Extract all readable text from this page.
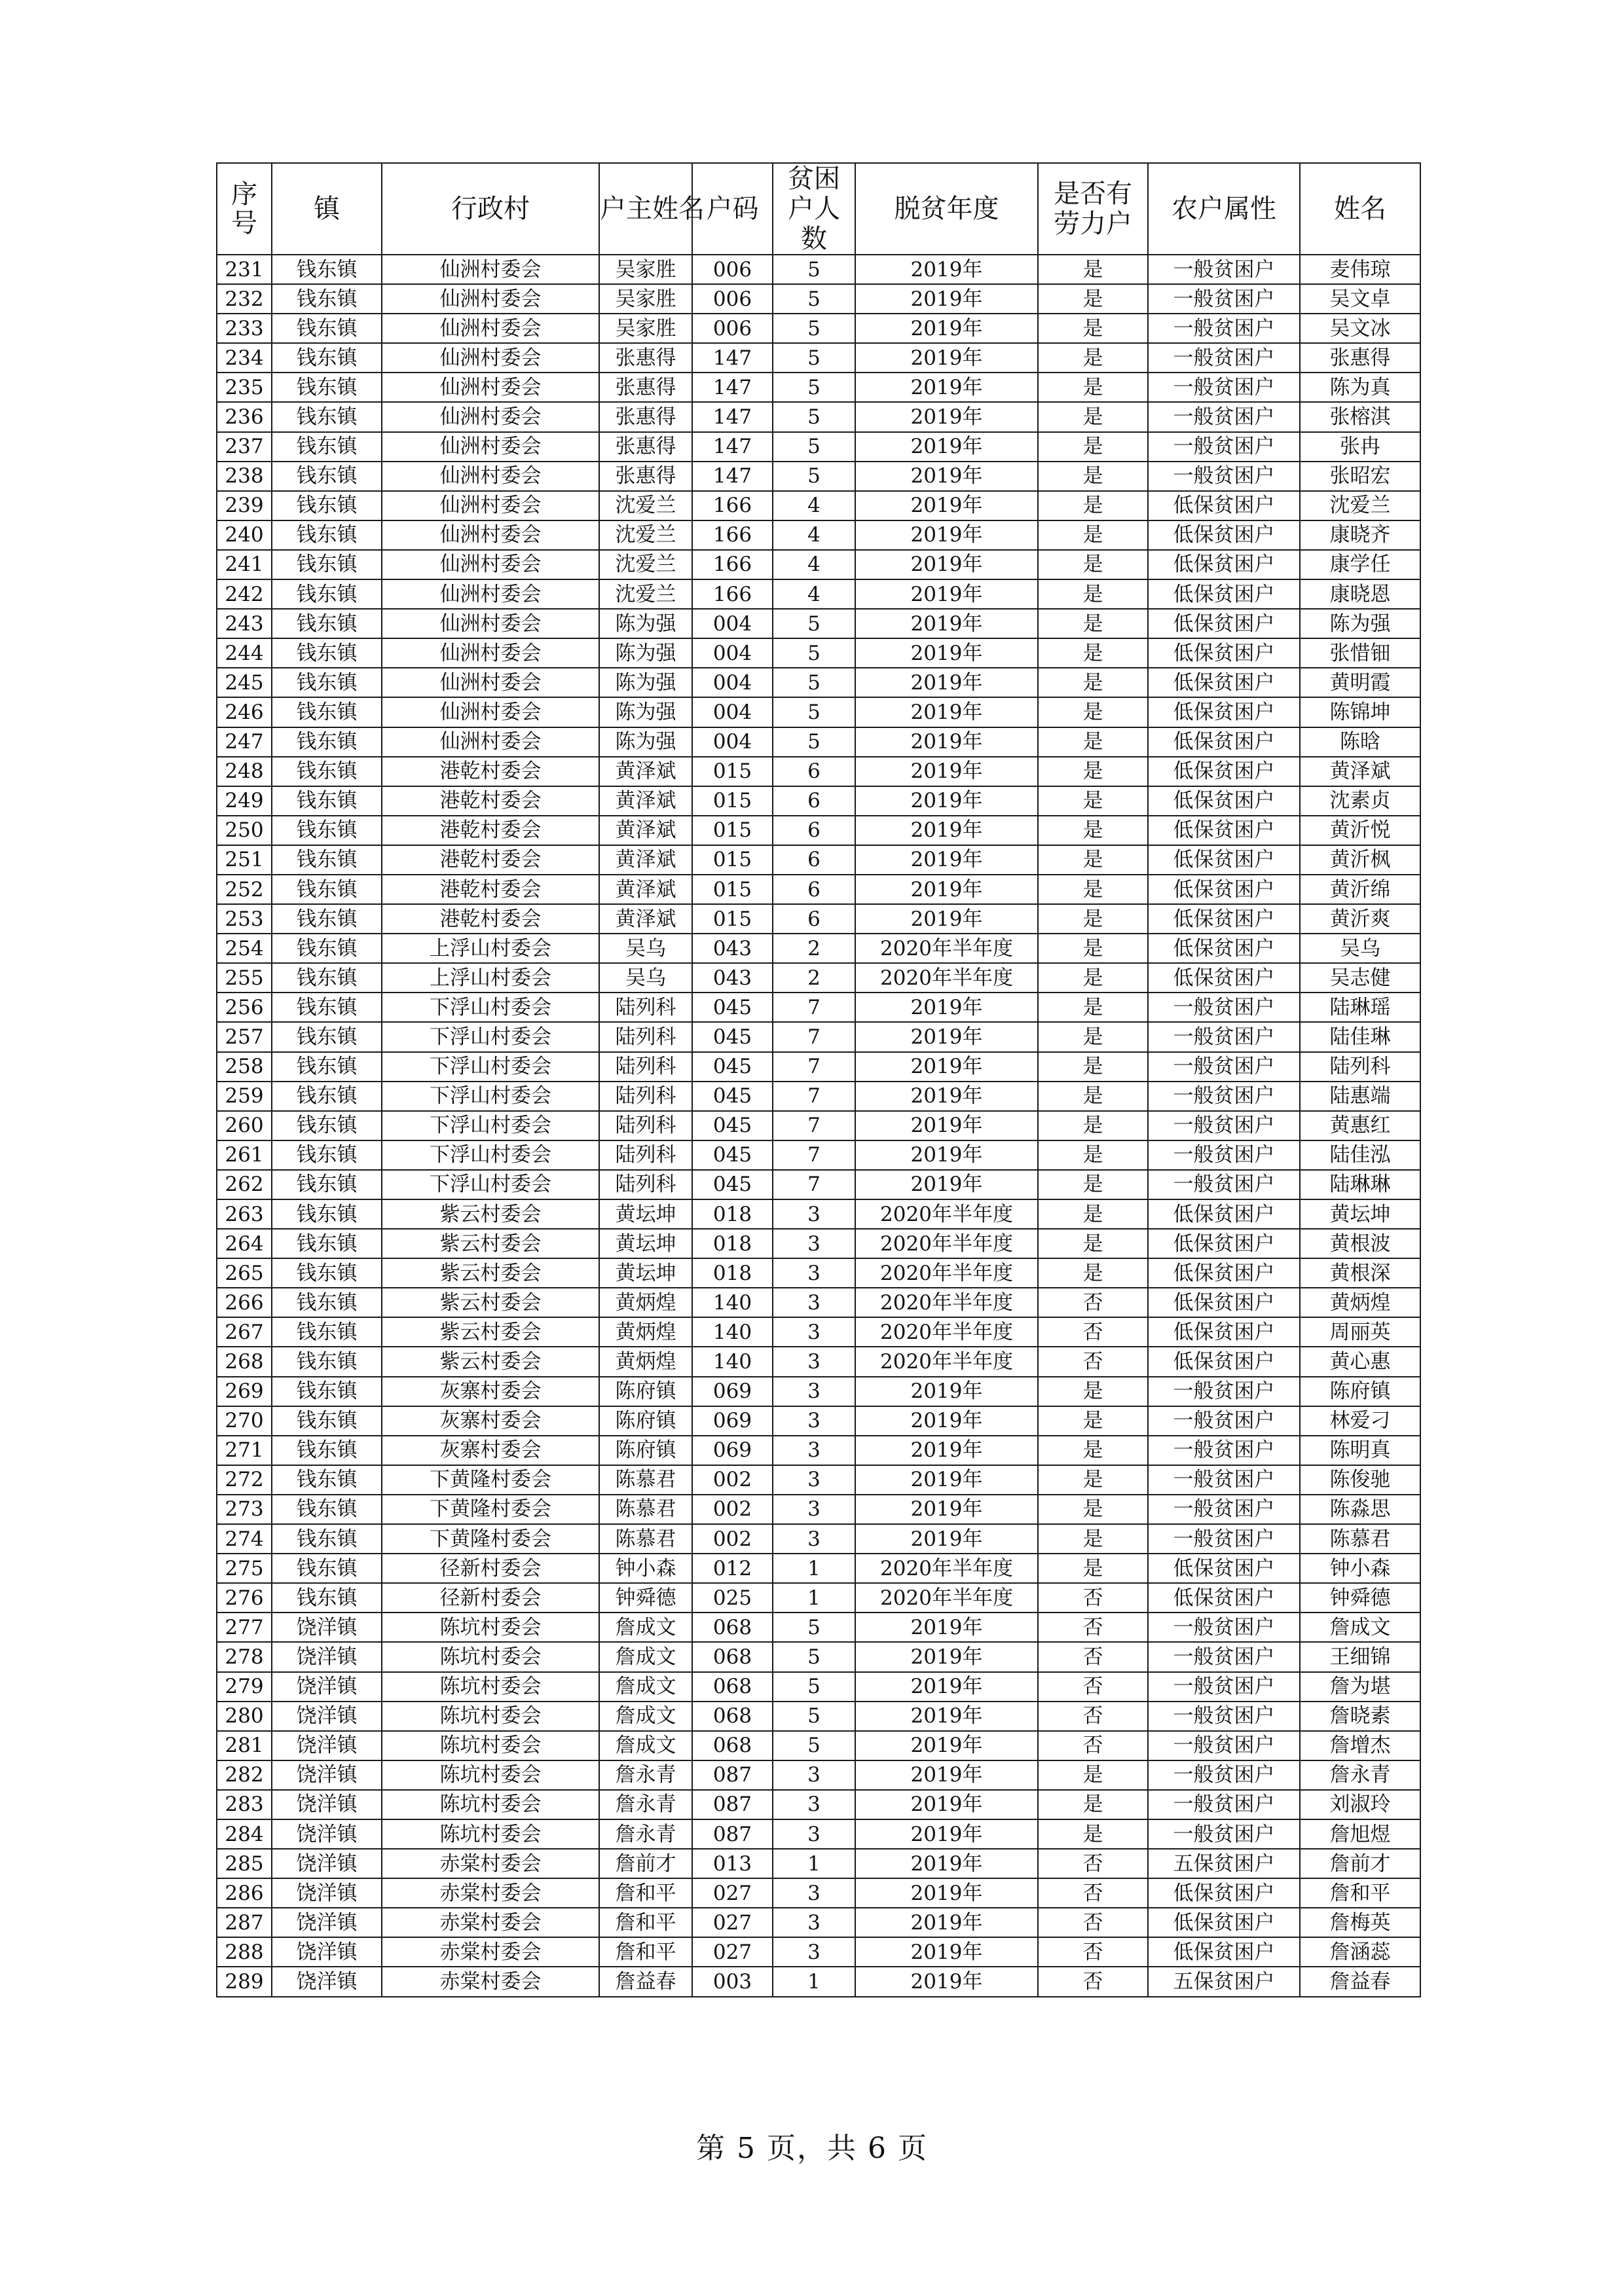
序号	镇	行政村	户主姓名	户码	贫困户人数	脱贫年度	是否有劳力户	农户属性	姓名
231	钱东镇	仙洲村委会	吴家胜	006	5	2019年	是	一般贫困户	麦伟琼
232	钱东镇	仙洲村委会	吴家胜	006	5	2019年	是	一般贫困户	吴文卓
233	钱东镇	仙洲村委会	吴家胜	006	5	2019年	是	一般贫困户	吴文冰
234	钱东镇	仙洲村委会	张惠得	147	5	2019年	是	一般贫困户	张惠得
235	钱东镇	仙洲村委会	张惠得	147	5	2019年	是	一般贫困户	陈为真
236	钱东镇	仙洲村委会	张惠得	147	5	2019年	是	一般贫困户	张榕淇
237	钱东镇	仙洲村委会	张惠得	147	5	2019年	是	一般贫困户	张冉
238	钱东镇	仙洲村委会	张惠得	147	5	2019年	是	一般贫困户	张昭宏
239	钱东镇	仙洲村委会	沈爱兰	166	4	2019年	是	低保贫困户	沈爱兰
240	钱东镇	仙洲村委会	沈爱兰	166	4	2019年	是	低保贫困户	康晓齐
241	钱东镇	仙洲村委会	沈爱兰	166	4	2019年	是	低保贫困户	康学任
242	钱东镇	仙洲村委会	沈爱兰	166	4	2019年	是	低保贫困户	康晓恩
243	钱东镇	仙洲村委会	陈为强	004	5	2019年	是	低保贫困户	陈为强
244	钱东镇	仙洲村委会	陈为强	004	5	2019年	是	低保贫困户	张惜钿
245	钱东镇	仙洲村委会	陈为强	004	5	2019年	是	低保贫困户	黄明霞
246	钱东镇	仙洲村委会	陈为强	004	5	2019年	是	低保贫困户	陈锦坤
247	钱东镇	仙洲村委会	陈为强	004	5	2019年	是	低保贫困户	陈晗
248	钱东镇	港乾村委会	黄泽斌	015	6	2019年	是	低保贫困户	黄泽斌
249	钱东镇	港乾村委会	黄泽斌	015	6	2019年	是	低保贫困户	沈素贞
250	钱东镇	港乾村委会	黄泽斌	015	6	2019年	是	低保贫困户	黄沂悦
251	钱东镇	港乾村委会	黄泽斌	015	6	2019年	是	低保贫困户	黄沂枫
252	钱东镇	港乾村委会	黄泽斌	015	6	2019年	是	低保贫困户	黄沂绵
253	钱东镇	港乾村委会	黄泽斌	015	6	2019年	是	低保贫困户	黄沂爽
254	钱东镇	上浮山村委会	吴乌	043	2	2020年半年度	是	低保贫困户	吴乌
255	钱东镇	上浮山村委会	吴乌	043	2	2020年半年度	是	低保贫困户	吴志健
256	钱东镇	下浮山村委会	陆列科	045	7	2019年	是	一般贫困户	陆琳瑶
257	钱东镇	下浮山村委会	陆列科	045	7	2019年	是	一般贫困户	陆佳琳
258	钱东镇	下浮山村委会	陆列科	045	7	2019年	是	一般贫困户	陆列科
259	钱东镇	下浮山村委会	陆列科	045	7	2019年	是	一般贫困户	陆惠端
260	钱东镇	下浮山村委会	陆列科	045	7	2019年	是	一般贫困户	黄惠红
261	钱东镇	下浮山村委会	陆列科	045	7	2019年	是	一般贫困户	陆佳泓
262	钱东镇	下浮山村委会	陆列科	045	7	2019年	是	一般贫困户	陆琳琳
263	钱东镇	紫云村委会	黄坛坤	018	3	2020年半年度	是	低保贫困户	黄坛坤
264	钱东镇	紫云村委会	黄坛坤	018	3	2020年半年度	是	低保贫困户	黄根波
265	钱东镇	紫云村委会	黄坛坤	018	3	2020年半年度	是	低保贫困户	黄根深
266	钱东镇	紫云村委会	黄炳煌	140	3	2020年半年度	否	低保贫困户	黄炳煌
267	钱东镇	紫云村委会	黄炳煌	140	3	2020年半年度	否	低保贫困户	周丽英
268	钱东镇	紫云村委会	黄炳煌	140	3	2020年半年度	否	低保贫困户	黄心惠
269	钱东镇	灰寨村委会	陈府镇	069	3	2019年	是	一般贫困户	陈府镇
270	钱东镇	灰寨村委会	陈府镇	069	3	2019年	是	一般贫困户	林爱刁
271	钱东镇	灰寨村委会	陈府镇	069	3	2019年	是	一般贫困户	陈明真
272	钱东镇	下黄隆村委会	陈慕君	002	3	2019年	是	一般贫困户	陈俊驰
273	钱东镇	下黄隆村委会	陈慕君	002	3	2019年	是	一般贫困户	陈淼思
274	钱东镇	下黄隆村委会	陈慕君	002	3	2019年	是	一般贫困户	陈慕君
275	钱东镇	径新村委会	钟小森	012	1	2020年半年度	是	低保贫困户	钟小森
276	钱东镇	径新村委会	钟舜德	025	1	2020年半年度	否	低保贫困户	钟舜德
277	饶洋镇	陈坑村委会	詹成文	068	5	2019年	否	一般贫困户	詹成文
278	饶洋镇	陈坑村委会	詹成文	068	5	2019年	否	一般贫困户	王细锦
279	饶洋镇	陈坑村委会	詹成文	068	5	2019年	否	一般贫困户	詹为堪
280	饶洋镇	陈坑村委会	詹成文	068	5	2019年	否	一般贫困户	詹晓素
281	饶洋镇	陈坑村委会	詹成文	068	5	2019年	否	一般贫困户	詹增杰
282	饶洋镇	陈坑村委会	詹永青	087	3	2019年	是	一般贫困户	詹永青
283	饶洋镇	陈坑村委会	詹永青	087	3	2019年	是	一般贫困户	刘淑玲
284	饶洋镇	陈坑村委会	詹永青	087	3	2019年	是	一般贫困户	詹旭煜
285	饶洋镇	赤棠村委会	詹前才	013	1	2019年	否	五保贫困户	詹前才
286	饶洋镇	赤棠村委会	詹和平	027	3	2019年	否	低保贫困户	詹和平
287	饶洋镇	赤棠村委会	詹和平	027	3	2019年	否	低保贫困户	詹梅英
288	饶洋镇	赤棠村委会	詹和平	027	3	2019年	否	低保贫困户	詹涵蕊
289	饶洋镇	赤棠村委会	詹益春	003	1	2019年	否	五保贫困户	詹益春
第 5 页，共 6 页
